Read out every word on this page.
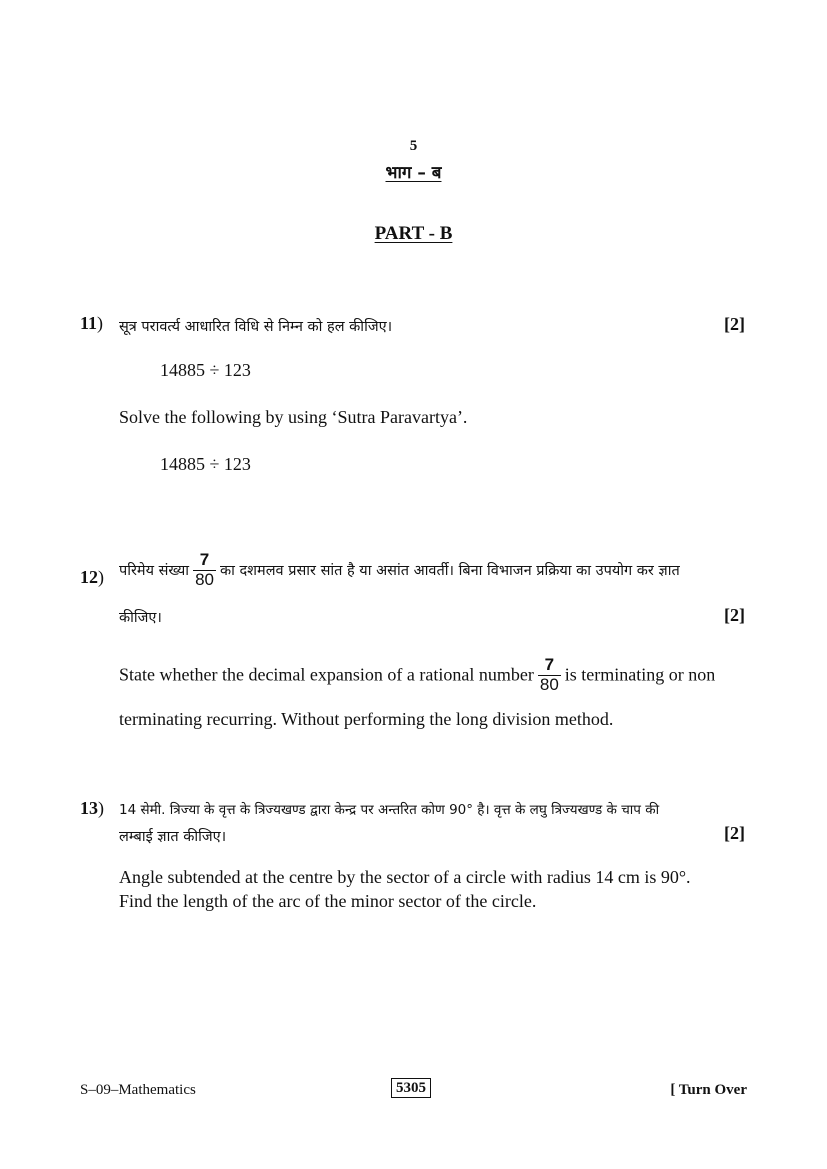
5
भाग – ब
PART - B
11) सूत्र परावर्त्य आधारित विधि से निम्न को हल कीजिए।	[2]
14885 ÷ 123
Solve the following by using ‘Sutra Paravartya’.
14885 ÷ 123
12) परिमेय संख्या $\frac{7}{80}$ का दशमलव प्रसार सांत है या असांत आवर्ती। बिना विभाजन प्रक्रिया का उपयोग कर ज्ञात
कीजिए।	[2]
State whether the decimal expansion of a rational number $\frac{7}{80}$ is terminating or non
terminating recurring. Without performing the long division method.
13) 14 सेमी. त्रिज्या के वृत्त के त्रिज्यखण्ड द्वारा केन्द्र पर अन्तरित कोण 90° है। वृत्त के लघु त्रिज्यखण्ड के चाप की
लम्बाई ज्ञात कीजिए।	[2]
Angle subtended at the centre by the sector of a circle with radius 14 cm is 90°.
Find the length of the arc of the minor sector of the circle.
S–09–Mathematics	5305	[ Turn Over
